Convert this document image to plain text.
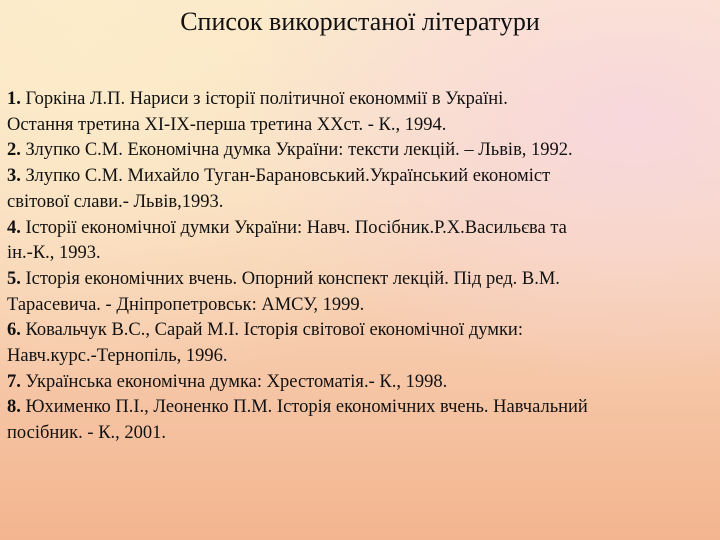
Список використаної літератури
1. Горкіна Л.П. Нариси з історії політичної економмії в Україні.
Остання третина ХІ-ІХ-перша третина ХХст. - К., 1994.
2. Злупко С.М. Економічна думка України: тексти лекцій. – Львів, 1992.
3. Злупко С.М. Михайло Туган-Барановський.Український економіст
світової слави.- Львів,1993.
4. Історії економічної думки України: Навч. Посібник.Р.Х.Васильєва та
ін.-К., 1993.
5. Історія економічних вчень. Опорний конспект лекцій. Під ред. В.М.
Тарасевича. - Дніпропетровськ: АМСУ, 1999.
6. Ковальчук В.С., Сарай М.І. Історія світової економічної думки:
Навч.курс.-Тернопіль, 1996.
7. Українська економічна думка: Хрестоматія.- К., 1998.
8. Юхименко П.І., Леоненко П.М. Історія економічних вчень. Навчальний
посібник. - К., 2001.
